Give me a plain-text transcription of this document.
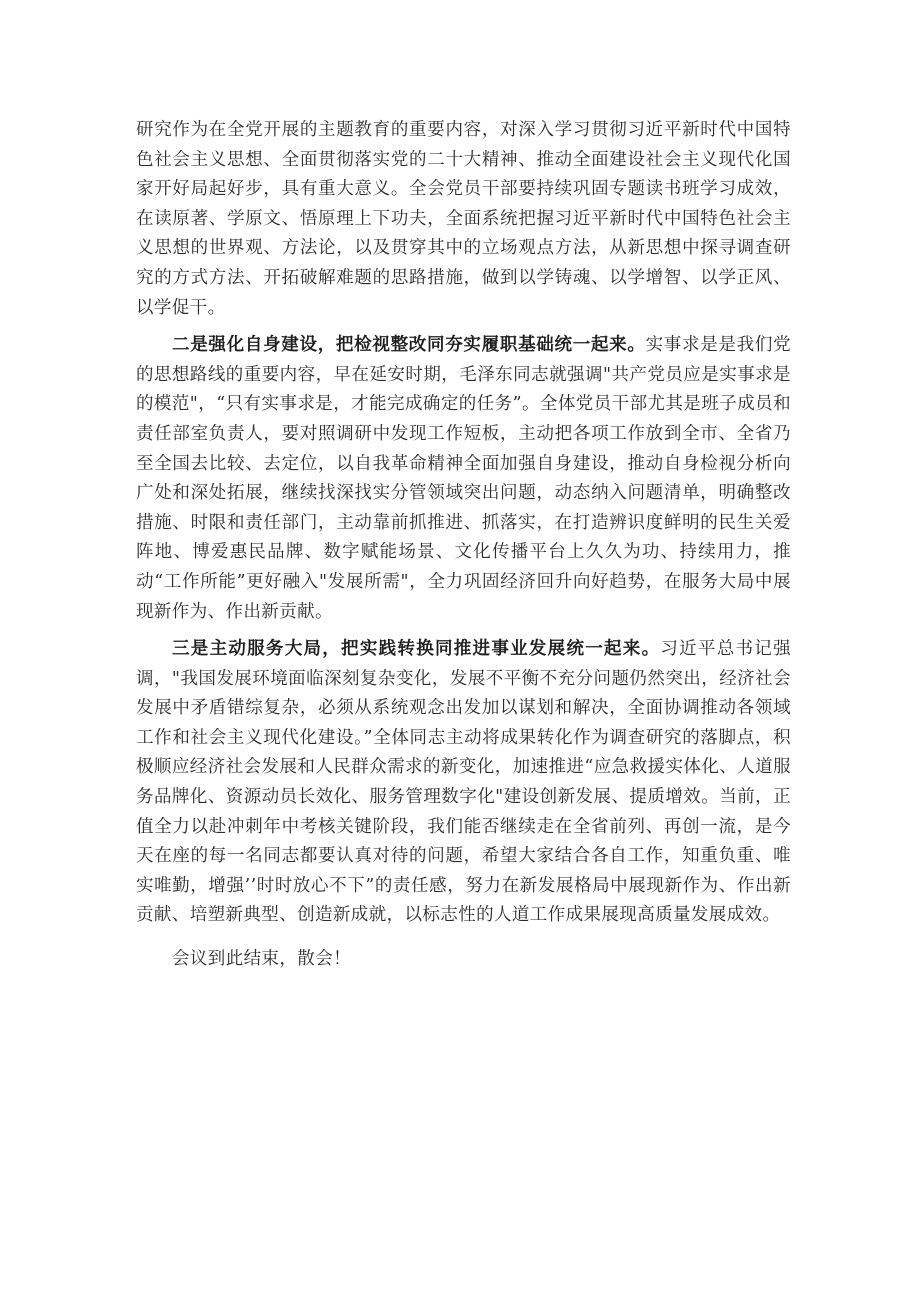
研究作为在全党开展的主题教育的重要内容，对深入学习贯彻习近平新时代中国特色社会主义思想、全面贯彻落实党的二十大精神、推动全面建设社会主义现代化国家开好局起好步，具有重大意义。全会党员干部要持续巩固专题读书班学习成效，在读原著、学原文、悟原理上下功夫，全面系统把握习近平新时代中国特色社会主义思想的世界观、方法论，以及贯穿其中的立场观点方法，从新思想中探寻调查研究的方式方法、开拓破解难题的思路措施，做到以学铸魂、以学增智、以学正风、以学促干。

二是强化自身建设，把检视整改同夯实履职基础统一起来。实事求是是我们党的思想路线的重要内容，早在延安时期，毛泽东同志就强调"共产党员应是实事求是的模范"，“只有实事求是，才能完成确定的任务”。全体党员干部尤其是班子成员和责任部室负责人，要对照调研中发现工作短板，主动把各项工作放到全市、全省乃至全国去比较、去定位，以自我革命精神全面加强自身建设，推动自身检视分析向广处和深处拓展，继续找深找实分管领域突出问题，动态纳入问题清单，明确整改措施、时限和责任部门，主动靠前抓推进、抓落实，在打造辨识度鲜明的民生关爱阵地、博爱惠民品牌、数字赋能场景、文化传播平台上久久为功、持续用力，推动“工作所能”更好融入"发展所需"，全力巩固经济回升向好趋势，在服务大局中展现新作为、作出新贡献。

三是主动服务大局，把实践转换同推进事业发展统一起来。习近平总书记强调，"我国发展环境面临深刻复杂变化，发展不平衡不充分问题仍然突出，经济社会发展中矛盾错综复杂，必须从系统观念出发加以谋划和解决，全面协调推动各领域工作和社会主义现代化建设。”全体同志主动将成果转化作为调查研究的落脚点，积极顺应经济社会发展和人民群众需求的新变化，加速推进“应急救援实体化、人道服务品牌化、资源动员长效化、服务管理数字化"建设创新发展、提质增效。当前，正值全力以赴冲刺年中考核关键阶段，我们能否继续走在全省前列、再创一流，是今天在座的每一名同志都要认真对待的问题，希望大家结合各自工作，知重负重、唯实唯勤，增强’’时时放心不下”的责任感，努力在新发展格局中展现新作为、作出新贡献、培塑新典型、创造新成就，以标志性的人道工作成果展现高质量发展成效。

会议到此结束，散会！
